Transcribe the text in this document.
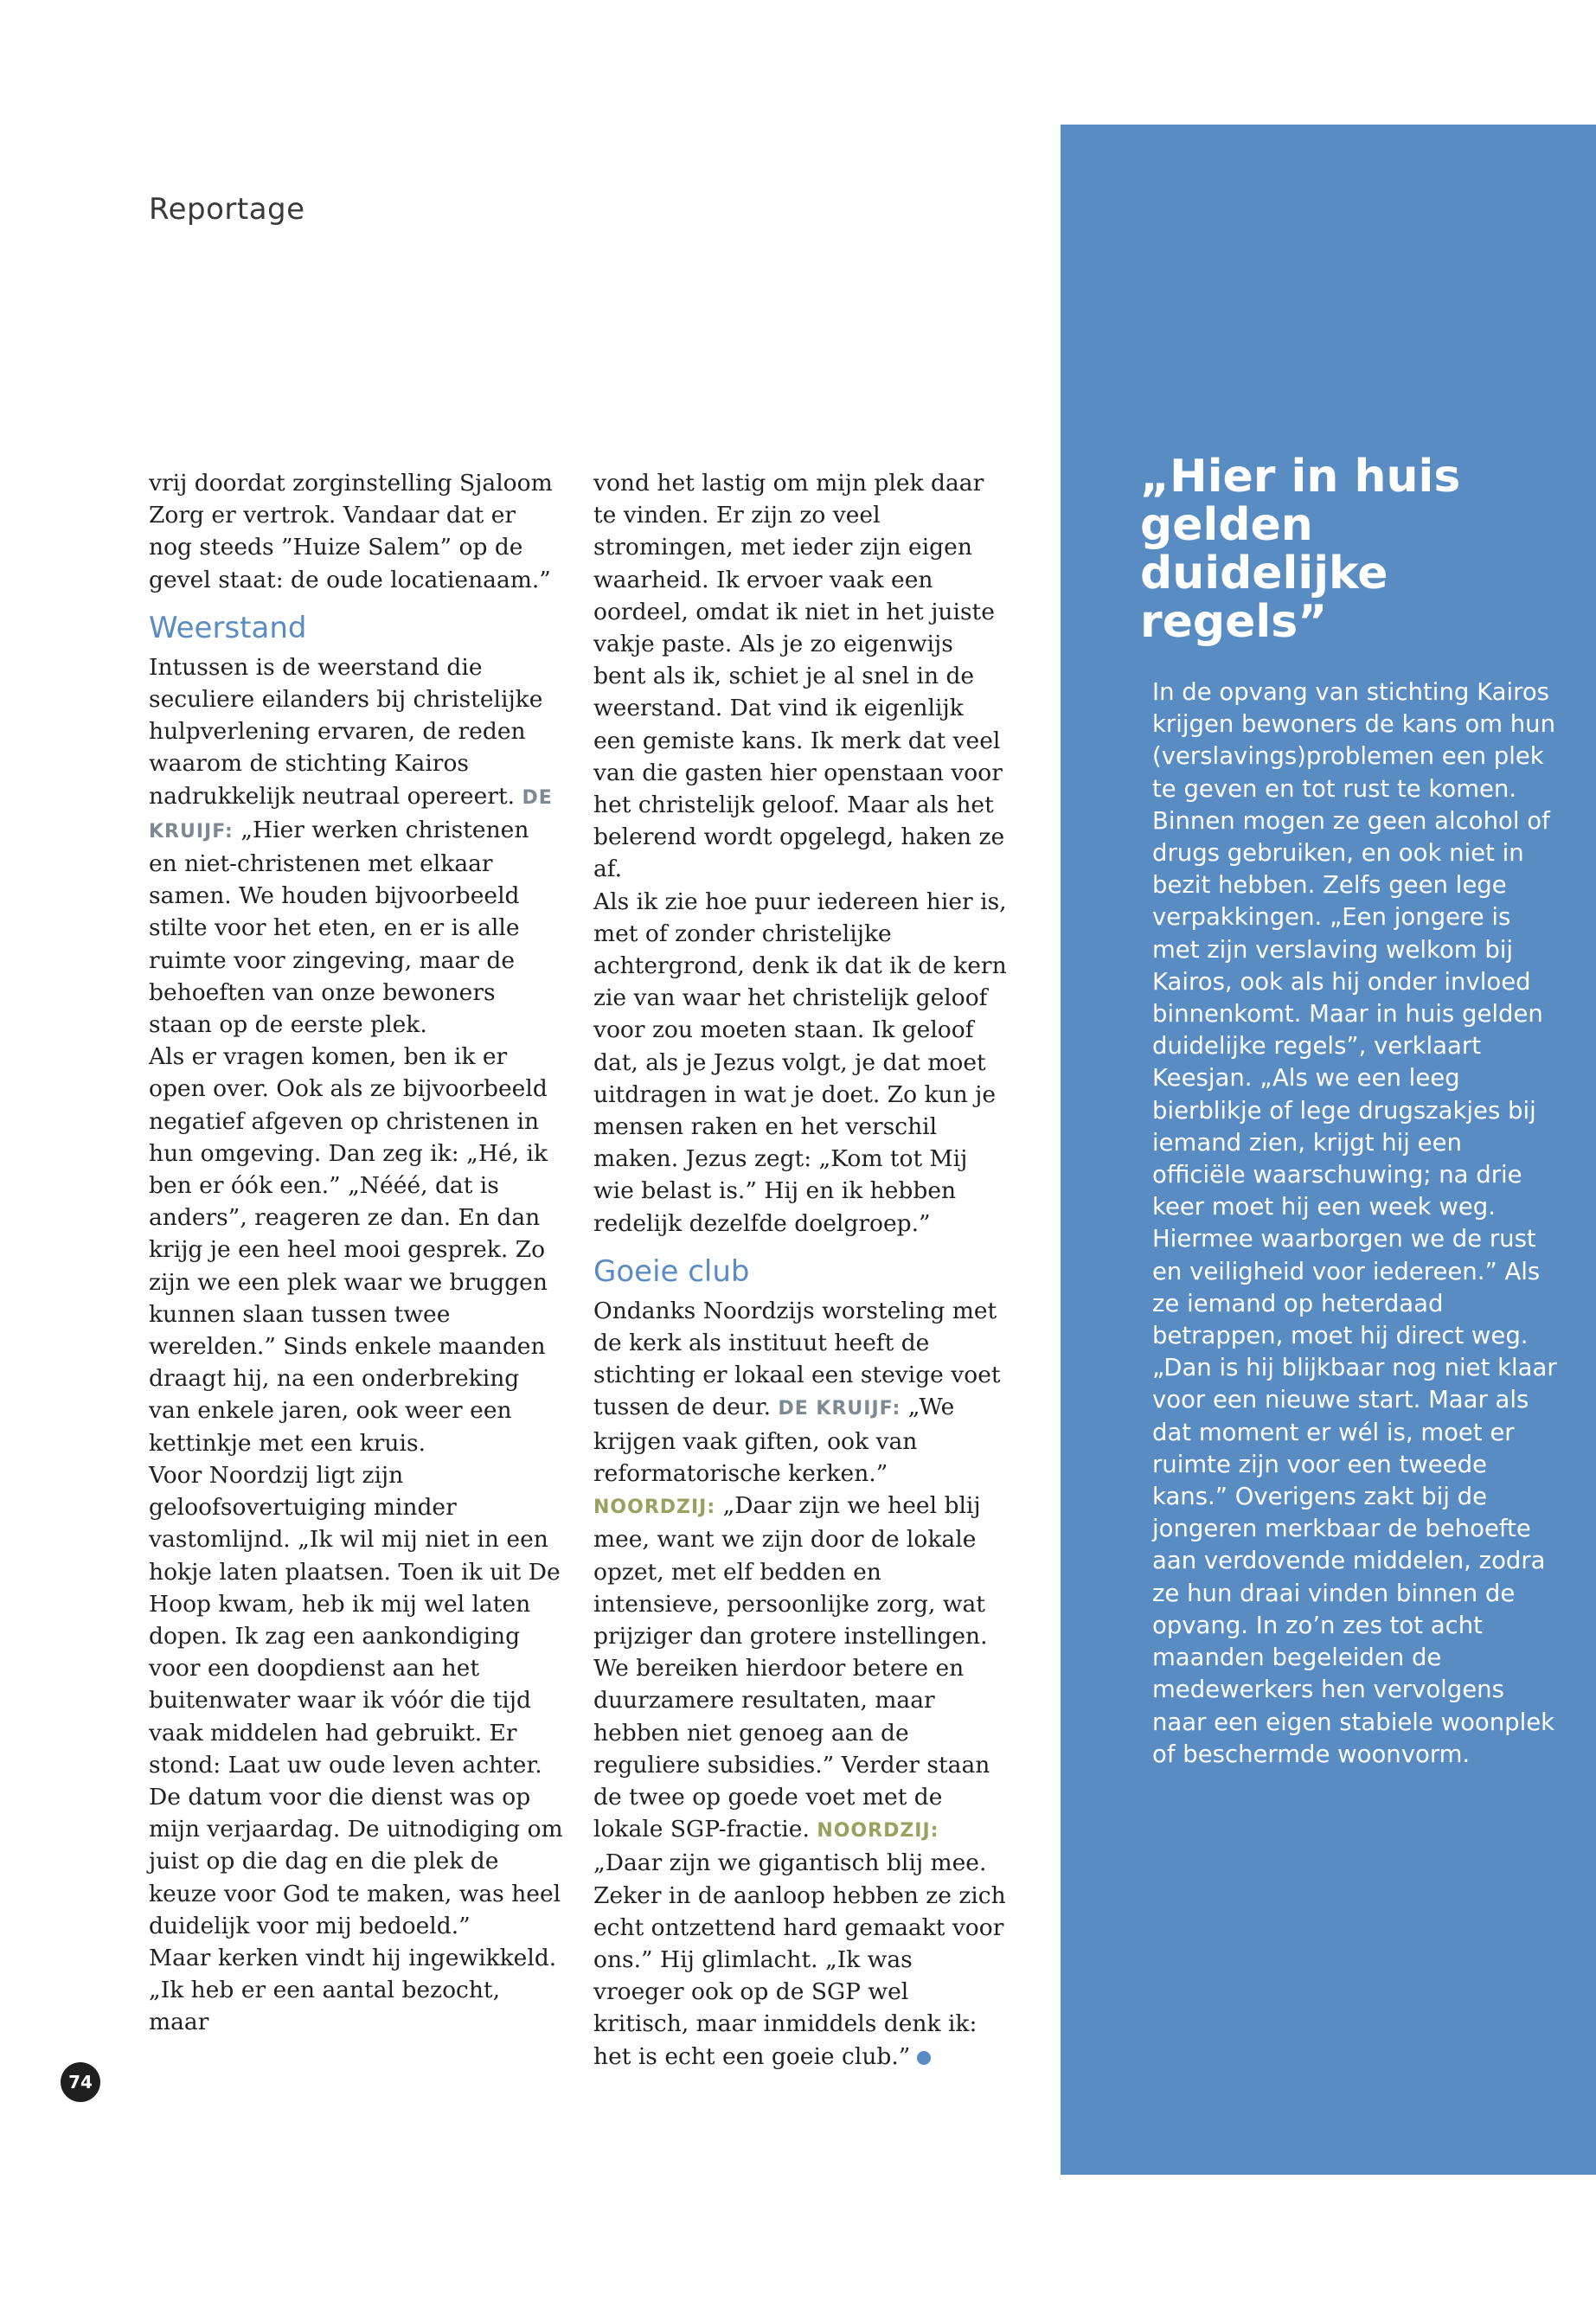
Reportage

vrij doordat zorginstelling Sjaloom Zorg er vertrok. Vandaar dat er nog steeds ”Huize Salem” op de gevel staat: de oude locatienaam.”

Weerstand

Intussen is de weerstand die seculiere eilanders bij christelijke hulpverlening ervaren, de reden waarom de stichting Kairos nadrukkelijk neutraal opereert. DE KRUIJF: „Hier werken christenen en niet-christenen met elkaar samen. We houden bijvoorbeeld stilte voor het eten, en er is alle ruimte voor zingeving, maar de behoeften van onze bewoners staan op de eerste plek.

Als er vragen komen, ben ik er open over. Ook als ze bijvoorbeeld negatief afgeven op christenen in hun omgeving. Dan zeg ik: „Hé, ik ben er óók een.” „Nééé, dat is anders”, reageren ze dan. En dan krijg je een heel mooi gesprek. Zo zijn we een plek waar we bruggen kunnen slaan tussen twee werelden.” Sinds enkele maanden draagt hij, na een onderbreking van enkele jaren, ook weer een kettinkje met een kruis.

Voor Noordzij ligt zijn geloofsovertuiging minder vastomlijnd. „Ik wil mij niet in een hokje laten plaatsen. Toen ik uit De Hoop kwam, heb ik mij wel laten dopen. Ik zag een aankondiging voor een doopdienst aan het buitenwater waar ik vóór die tijd vaak middelen had gebruikt. Er stond: Laat uw oude leven achter. De datum voor die dienst was op mijn verjaardag. De uitnodiging om juist op die dag en die plek de keuze voor God te maken, was heel duidelijk voor mij bedoeld.”

Maar kerken vindt hij ingewikkeld. „Ik heb er een aantal bezocht, maar

vond het lastig om mijn plek daar te vinden. Er zijn zo veel stromingen, met ieder zijn eigen waarheid. Ik ervoer vaak een oordeel, omdat ik niet in het juiste vakje paste. Als je zo eigenwijs bent als ik, schiet je al snel in de weerstand. Dat vind ik eigenlijk een gemiste kans. Ik merk dat veel van die gasten hier openstaan voor het christelijk geloof. Maar als het belerend wordt opgelegd, haken ze af.

Als ik zie hoe puur iedereen hier is, met of zonder christelijke achtergrond, denk ik dat ik de kern zie van waar het christelijk geloof voor zou moeten staan. Ik geloof dat, als je Jezus volgt, je dat moet uitdragen in wat je doet. Zo kun je mensen raken en het verschil maken. Jezus zegt: „Kom tot Mij wie belast is.” Hij en ik hebben redelijk dezelfde doelgroep.”

Goeie club

Ondanks Noordzijs worsteling met de kerk als instituut heeft de stichting er lokaal een stevige voet tussen de deur. DE KRUIJF: „We krijgen vaak giften, ook van reformatorische kerken.” NOORDZIJ: „Daar zijn we heel blij mee, want we zijn door de lokale opzet, met elf bedden en intensieve, persoonlijke zorg, wat prijziger dan grotere instellingen. We bereiken hierdoor betere en duurzamere resultaten, maar hebben niet genoeg aan de reguliere subsidies.” Verder staan de twee op goede voet met de lokale SGP-fractie. NOORDZIJ: „Daar zijn we gigantisch blij mee. Zeker in de aanloop hebben ze zich echt ontzettend hard gemaakt voor ons.” Hij glimlacht. „Ik was vroeger ook op de SGP wel kritisch, maar inmiddels denk ik: het is echt een goeie club.”

„Hier in huis gelden duidelijke regels”

In de opvang van stichting Kairos krijgen bewoners de kans om hun (verslavings)problemen een plek te geven en tot rust te komen. Binnen mogen ze geen alcohol of drugs gebruiken, en ook niet in bezit hebben. Zelfs geen lege verpakkingen. „Een jongere is met zijn verslaving welkom bij Kairos, ook als hij onder invloed binnenkomt. Maar in huis gelden duidelijke regels”, verklaart Keesjan. „Als we een leeg bierblikje of lege drugszakjes bij iemand zien, krijgt hij een officiële waarschuwing; na drie keer moet hij een week weg. Hiermee waarborgen we de rust en veiligheid voor iedereen.” Als ze iemand op heterdaad betrappen, moet hij direct weg. „Dan is hij blijkbaar nog niet klaar voor een nieuwe start. Maar als dat moment er wél is, moet er ruimte zijn voor een tweede kans.” Overigens zakt bij de jongeren merkbaar de behoefte aan verdovende middelen, zodra ze hun draai vinden binnen de opvang. In zo’n zes tot acht maanden begeleiden de medewerkers hen vervolgens naar een eigen stabiele woonplek of beschermde woonvorm.

74
